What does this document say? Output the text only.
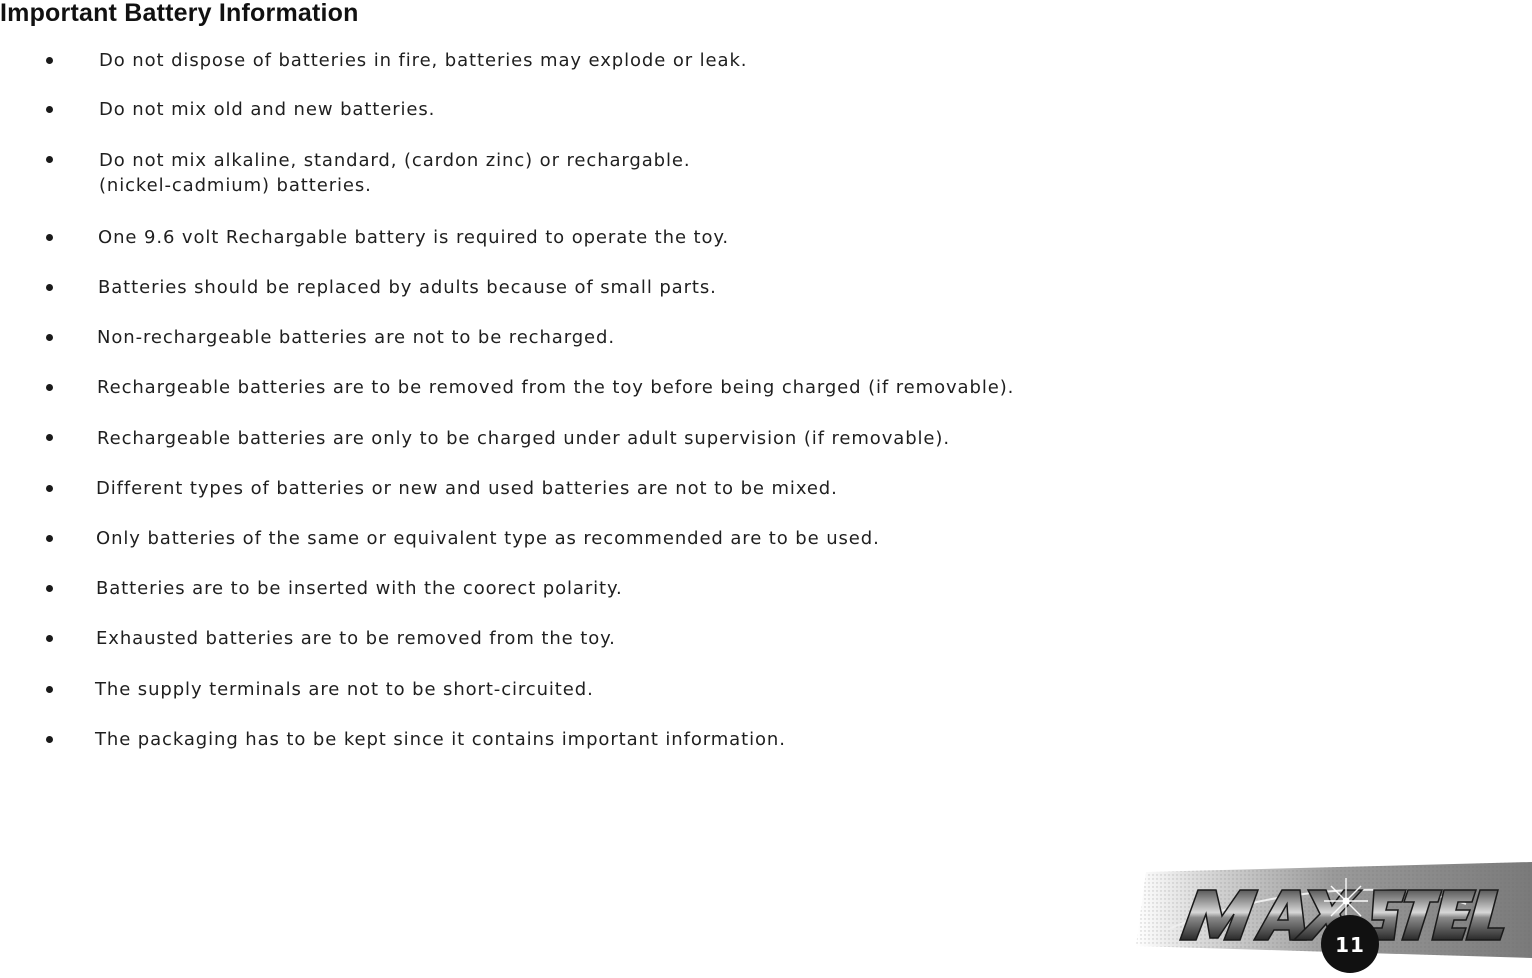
Important Battery Information
Do not dispose of batteries in fire, batteries may explode or leak.
Do not mix old and new batteries.
Do not mix alkaline, standard, (cardon zinc) or rechargable.
(nickel-cadmium) batteries.
One 9.6 volt Rechargable battery is required to operate the toy.
Batteries should be replaced by adults because of small parts.
Non-rechargeable batteries are not to be recharged.
Rechargeable batteries are to be removed from the toy before being charged (if removable).
Rechargeable batteries are only to be charged under adult supervision (if removable).
Different types of batteries or new and used batteries are not to be mixed.
Only batteries of the same or equivalent type as recommended are to be used.
Batteries are to be inserted with the coorect polarity.
Exhausted batteries are to be removed from the toy.
The supply terminals are not to be short-circuited.
The packaging has to be kept since it contains important information.
11
